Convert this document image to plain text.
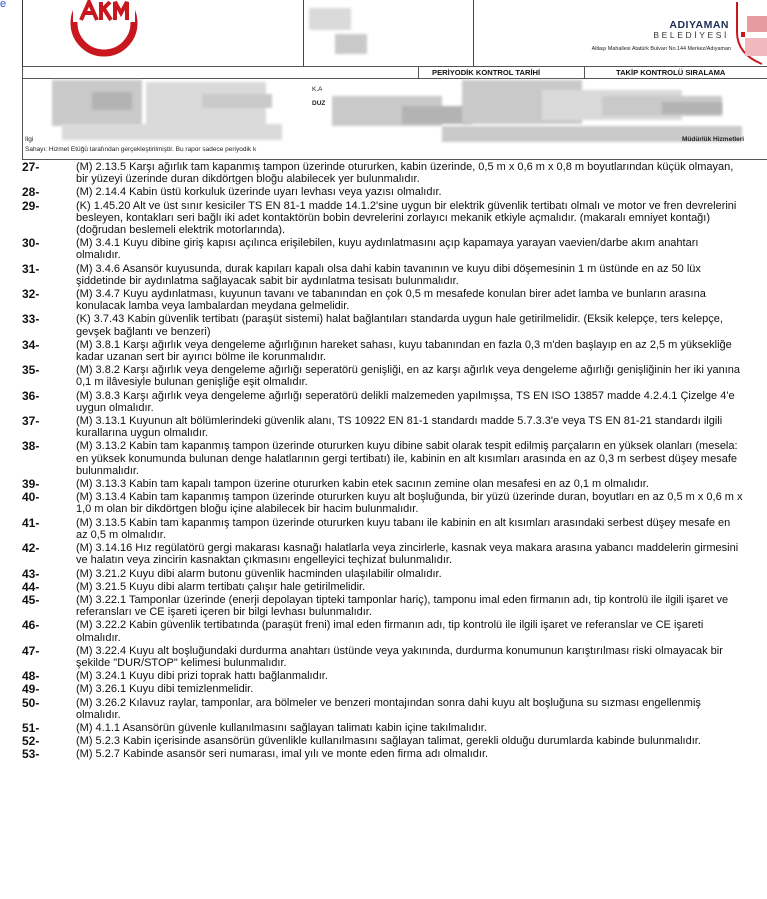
e
ADIYAMAN
BELEDİYESİ
Alitaşı Mahallesi Atatürk Bulvarı No.144 Merkez/Adıyaman
PERİYODİK KONTROL TARİHİ	TAKİP KONTROLÜ SIRALAMA
K.A
DÜZ
İlgi
Sahayı: Hizmet Etüğü tarafından gerçekleştirilmiştir. Bu rapor sadece periyodik k
Müdürlük Hizmetleri
27-	(M) 2.13.5 Karşı ağırlık tam kapanmış tampon üzerinde otururken, kabin üzerinde, 0,5 m x 0,6 m x 0,8 m boyutlarından küçük olmayan, bir yüzeyi üzerinde duran dikdörtgen bloğu alabilecek yer bulunmalıdır.
28-	(M) 2.14.4 Kabin üstü korkuluk üzerinde uyarı levhası veya yazısı olmalıdır.
29-	(K) 1.45.20 Alt ve üst sınır kesiciler TS EN 81-1 madde 14.1.2'sine uygun bir elektrik güvenlik tertibatı olmalı ve motor ve fren devrelerini besleyen, kontakları seri bağlı iki adet kontaktörün bobin devrelerini zorlayıcı mekanik etkiyle açmalıdır. (makaralı emniyet kontağı) (doğrudan beslemeli elektrik motorlarında).
30-	(M) 3.4.1 Kuyu dibine giriş kapısı açılınca erişilebilen, kuyu aydınlatmasını açıp kapamaya yarayan vaevien/darbe akım anahtarı olmalıdır.
31-	(M) 3.4.6 Asansör kuyusunda, durak kapıları kapalı olsa dahi kabin tavanının ve kuyu dibi döşemesinin 1 m üstünde en az 50 lüx şiddetinde bir aydınlatma sağlayacak sabit bir aydınlatma tesisatı bulunmalıdır.
32-	(M) 3.4.7 Kuyu aydınlatması, kuyunun tavanı ve tabanından en çok 0,5 m mesafede konulan birer adet lamba ve bunların arasına konulacak lamba veya lambalardan meydana gelmelidir.
33-	(K) 3.7.43 Kabin güvenlik tertibatı (paraşüt sistemi) halat bağlantıları standarda uygun hale getirilmelidir. (Eksik kelepçe, ters kelepçe, gevşek bağlantı ve benzeri)
34-	(M) 3.8.1 Karşı ağırlık veya dengeleme ağırlığının hareket sahası, kuyu tabanından en fazla 0,3 m'den başlayıp en az 2,5 m yüksekliğe kadar uzanan sert bir ayırıcı bölme ile korunmalıdır.
35-	(M) 3.8.2 Karşı ağırlık veya dengeleme ağırlığı seperatörü genişliği, en az karşı ağırlık veya dengeleme ağırlığı genişliğinin her iki yanına 0,1 m ilâvesiyle bulunan genişliğe eşit olmalıdır.
36-	(M) 3.8.3 Karşı ağırlık veya dengeleme ağırlığı seperatörü delikli malzemeden yapılmışsa, TS EN ISO 13857 madde 4.2.4.1 Çizelge 4'e uygun olmalıdır.
37-	(M) 3.13.1 Kuyunun alt bölümlerindeki güvenlik alanı, TS 10922 EN 81-1 standardı madde 5.7.3.3'e veya TS EN 81-21 standardı ilgili kurallarına uygun olmalıdır.
38-	(M) 3.13.2 Kabin tam kapanmış tampon üzerinde otururken kuyu dibine sabit olarak tespit edilmiş parçaların en yüksek olanları (mesela: en yüksek konumunda bulunan denge halatlarının gergi tertibatı) ile, kabinin en alt kısımları arasında en az 0,3 m serbest düşey mesafe bulunmalıdır.
39-	(M) 3.13.3 Kabin tam kapalı tampon üzerine otururken kabin etek sacının zemine olan mesafesi en az 0,1 m olmalıdır.
40-	(M) 3.13.4 Kabin tam kapanmış tampon üzerinde otururken kuyu alt boşluğunda, bir yüzü üzerinde duran, boyutları en az 0,5 m x 0,6 m x 1,0 m olan bir dikdörtgen bloğu içine alabilecek bir hacim bulunmalıdır.
41-	(M) 3.13.5 Kabin tam kapanmış tampon üzerinde otururken kuyu tabanı ile kabinin en alt kısımları arasındaki serbest düşey mesafe en az 0,5 m olmalıdır.
42-	(M) 3.14.16 Hız regülatörü gergi makarası kasnağı halatlarla veya zincirlerle, kasnak veya makara arasına yabancı maddelerin girmesini ve halatın veya zincirin kasnaktan çıkmasını engelleyici teçhizat bulunmalıdır.
43-	(M) 3.21.2 Kuyu dibi alarm butonu güvenlik hacminden ulaşılabilir olmalıdır.
44-	(M) 3.21.5 Kuyu dibi alarm tertibatı çalışır hale getirilmelidir.
45-	(M) 3.22.1 Tamponlar üzerinde (enerji depolayan tipteki tamponlar hariç), tamponu imal eden firmanın adı, tip kontrolü ile ilgili işaret ve referansları ve CE işareti içeren bir bilgi levhası bulunmalıdır.
46-	(M) 3.22.2 Kabin güvenlik tertibatında (paraşüt freni) imal eden firmanın adı, tip kontrolü ile ilgili işaret ve referanslar ve CE işareti olmalıdır.
47-	(M) 3.22.4 Kuyu alt boşluğundaki durdurma anahtarı üstünde veya yakınında, durdurma konumunun karıştırılması riski olmayacak bir şekilde "DUR/STOP" kelimesi bulunmalıdır.
48-	(M) 3.24.1 Kuyu dibi prizi toprak hattı bağlanmalıdır.
49-	(M) 3.26.1 Kuyu dibi temizlenmelidir.
50-	(M) 3.26.2 Kılavuz raylar, tamponlar, ara bölmeler ve benzeri montajından sonra dahi kuyu alt boşluğuna su sızması engellenmiş olmalıdır.
51-	(M) 4.1.1 Asansörün güvenle kullanılmasını sağlayan talimatı kabin içine takılmalıdır.
52-	(M) 5.2.3 Kabin içerisinde asansörün güvenlikle kullanılmasını sağlayan talimat, gerekli olduğu durumlarda kabinde bulunmalıdır.
53-	(M) 5.2.7 Kabinde asansör seri numarası, imal yılı ve monte eden firma adı olmalıdır.
